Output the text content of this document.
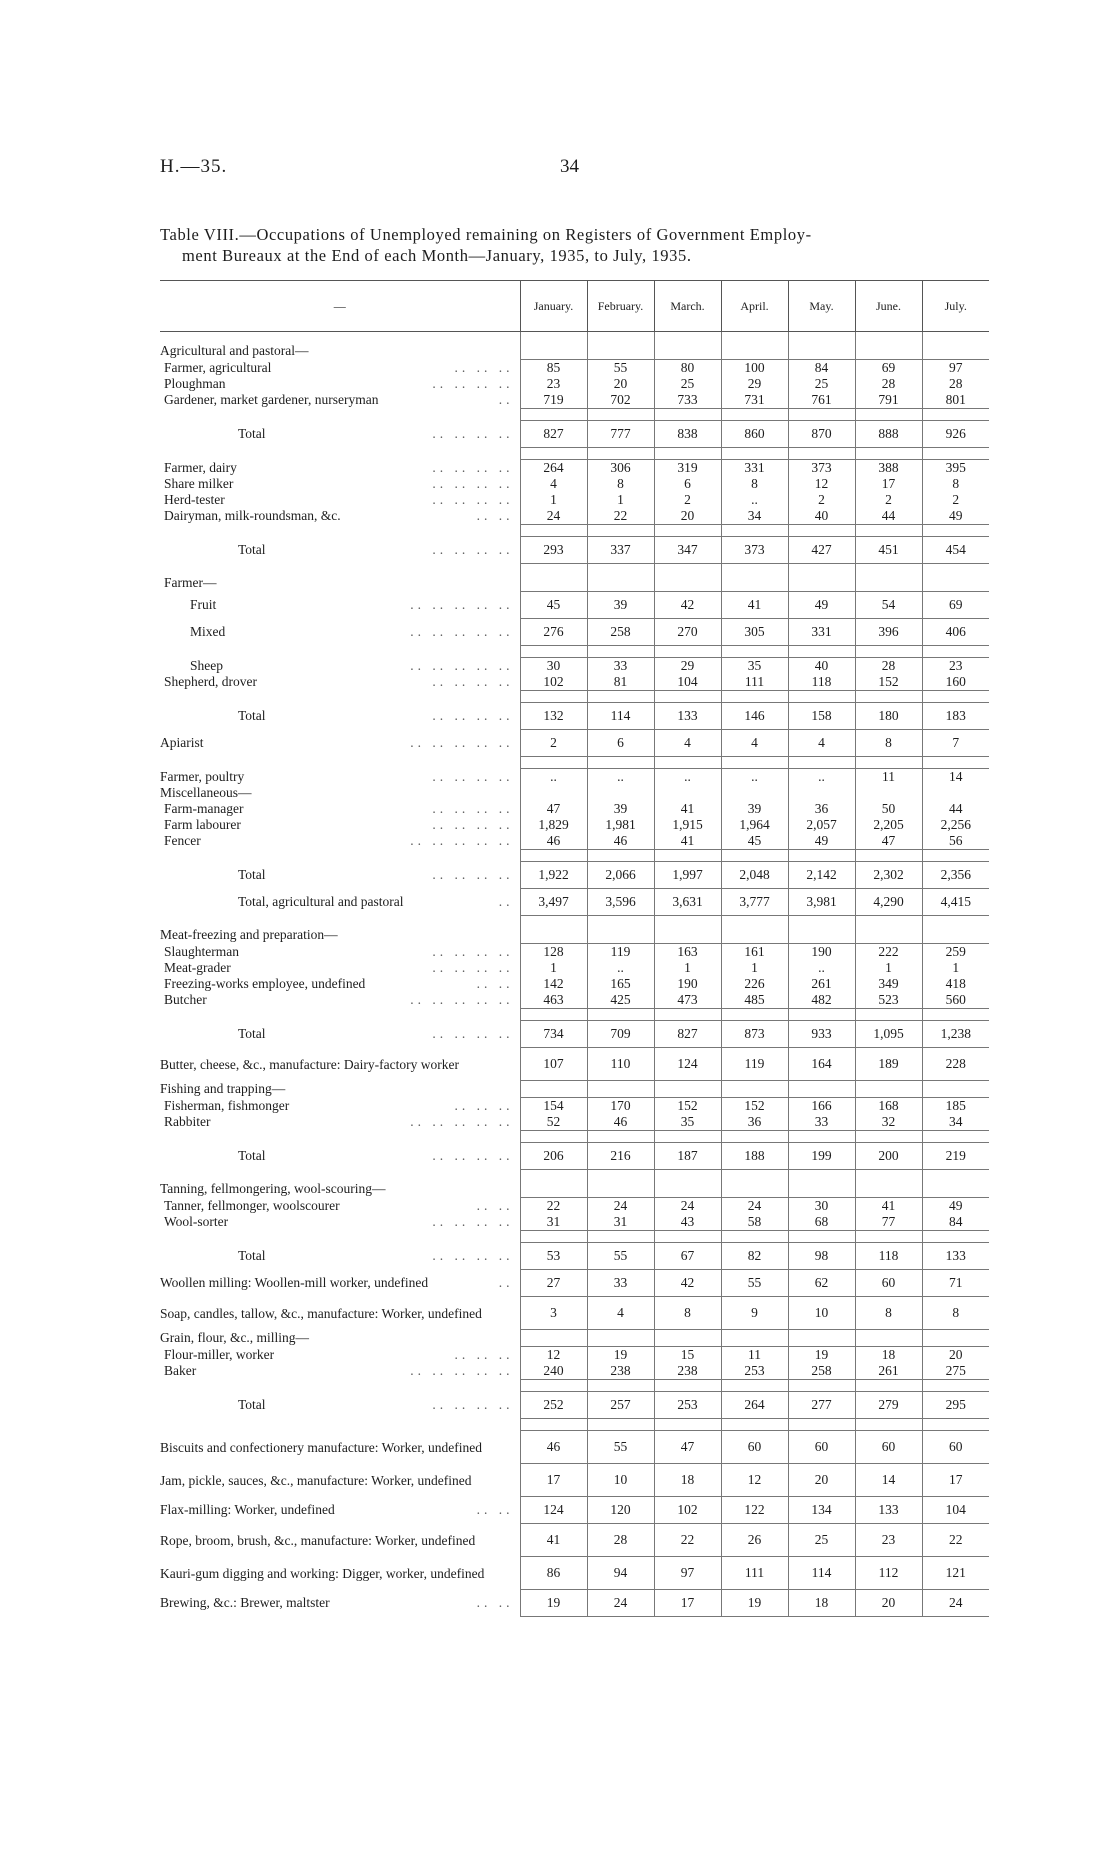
H.—35.	34
Table VIII.—Occupations of Unemployed remaining on Registers of Government Employ-
ment Bureaux at the End of each Month—January, 1935, to July, 1935.
—	January.	February.	March.	April.	May.	June.	July.

Agricultural and pastoral—							
Farmer, agricultural .. .. ..	85	55	80	100	84	69	97
Ploughman .. .. .. ..	23	20	25	29	25	28	28
Gardener, market gardener, nurseryman ..	719	702	733	731	761	791	801

Total .. .. .. ..	827	777	838	860	870	888	926

Farmer, dairy .. .. .. ..	264	306	319	331	373	388	395
Share milker .. .. .. ..	4	8	6	8	12	17	8
Herd-tester .. .. .. ..	1	1	2	..	2	2	2
Dairyman, milk-roundsman, &c. .. ..	24	22	20	34	40	44	49

Total .. .. .. ..	293	337	347	373	427	451	454

Farmer—							
Fruit .. .. .. .. ..	45	39	42	41	49	54	69
Mixed .. .. .. .. ..	276	258	270	305	331	396	406

Sheep .. .. .. .. ..	30	33	29	35	40	28	23
Shepherd, drover .. .. .. ..	102	81	104	111	118	152	160

Total .. .. .. ..	132	114	133	146	158	180	183
Apiarist .. .. .. .. ..	2	6	4	4	4	8	7

Farmer, poultry .. .. .. ..	..	..	..	..	..	11	14
Miscellaneous—							
Farm-manager .. .. .. ..	47	39	41	39	36	50	44
Farm labourer .. .. .. ..	1,829	1,981	1,915	1,964	2,057	2,205	2,256
Fencer .. .. .. .. ..	46	46	41	45	49	47	56

Total .. .. .. ..	1,922	2,066	1,997	2,048	2,142	2,302	2,356
Total, agricultural and pastoral ..	3,497	3,596	3,631	3,777	3,981	4,290	4,415

Meat-freezing and preparation—							
Slaughterman .. .. .. ..	128	119	163	161	190	222	259
Meat-grader .. .. .. ..	1	..	1	1	..	1	1
Freezing-works employee, undefined .. ..	142	165	190	226	261	349	418
Butcher .. .. .. .. ..	463	425	473	485	482	523	560

Total .. .. .. ..	734	709	827	873	933	1,095	1,238
Butter, cheese, &c., manufacture: Dairy-factory worker	107	110	124	119	164	189	228
Fishing and trapping—							
Fisherman, fishmonger .. .. ..	154	170	152	152	166	168	185
Rabbiter .. .. .. .. ..	52	46	35	36	33	32	34

Total .. .. .. ..	206	216	187	188	199	200	219

Tanning, fellmongering, wool-scouring—							
Tanner, fellmonger, woolscourer .. ..	22	24	24	24	30	41	49
Wool-sorter .. .. .. ..	31	31	43	58	68	77	84

Total .. .. .. ..	53	55	67	82	98	118	133
Woollen milling: Woollen-mill worker, undefined ..	27	33	42	55	62	60	71
Soap, candles, tallow, &c., manufacture: Worker, undefined	3	4	8	9	10	8	8
Grain, flour, &c., milling—							
Flour-miller, worker .. .. ..	12	19	15	11	19	18	20
Baker .. .. .. .. ..	240	238	238	253	258	261	275

Total .. .. .. ..	252	257	253	264	277	279	295

Biscuits and confectionery manufacture: Worker, undefined	46	55	47	60	60	60	60
Jam, pickle, sauces, &c., manufacture: Worker, undefined	17	10	18	12	20	14	17
Flax-milling: Worker, undefined .. ..	124	120	102	122	134	133	104
Rope, broom, brush, &c., manufacture: Worker, undefined	41	28	22	26	25	23	22
Kauri-gum digging and working: Digger, worker, undefined	86	94	97	111	114	112	121
Brewing, &c.: Brewer, maltster .. ..	19	24	17	19	18	20	24
